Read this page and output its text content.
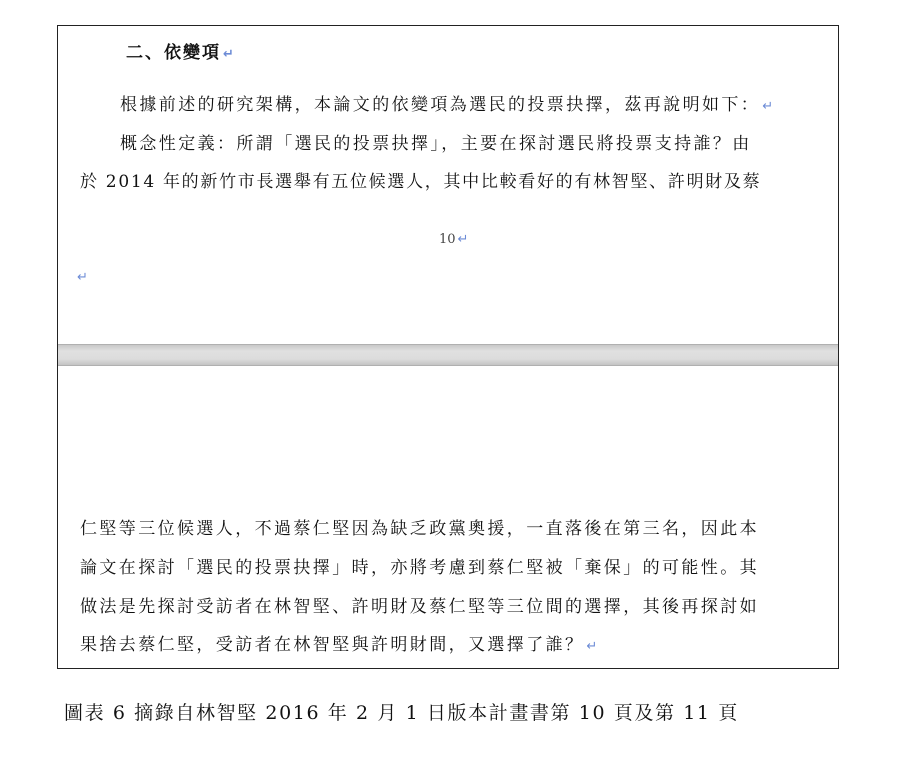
二、依變項 ↵
根據前述的研究架構，本論文的依變項為選民的投票抉擇，茲再說明如下： ↵
概念性定義：所謂「選民的投票抉擇」，主要在探討選民將投票支持誰？由
於 2014 年的新竹市長選舉有五位候選人，其中比較看好的有林智堅、許明財及蔡
10 ↵
↵
仁堅等三位候選人，不過蔡仁堅因為缺乏政黨奧援，一直落後在第三名，因此本
論文在探討「選民的投票抉擇」時，亦將考慮到蔡仁堅被「棄保」的可能性。其
做法是先探討受訪者在林智堅、許明財及蔡仁堅等三位間的選擇，其後再探討如
果捨去蔡仁堅，受訪者在林智堅與許明財間，又選擇了誰？ ↵
圖表 6 摘錄自林智堅 2016 年 2 月 1 日版本計畫書第 10 頁及第 11 頁
